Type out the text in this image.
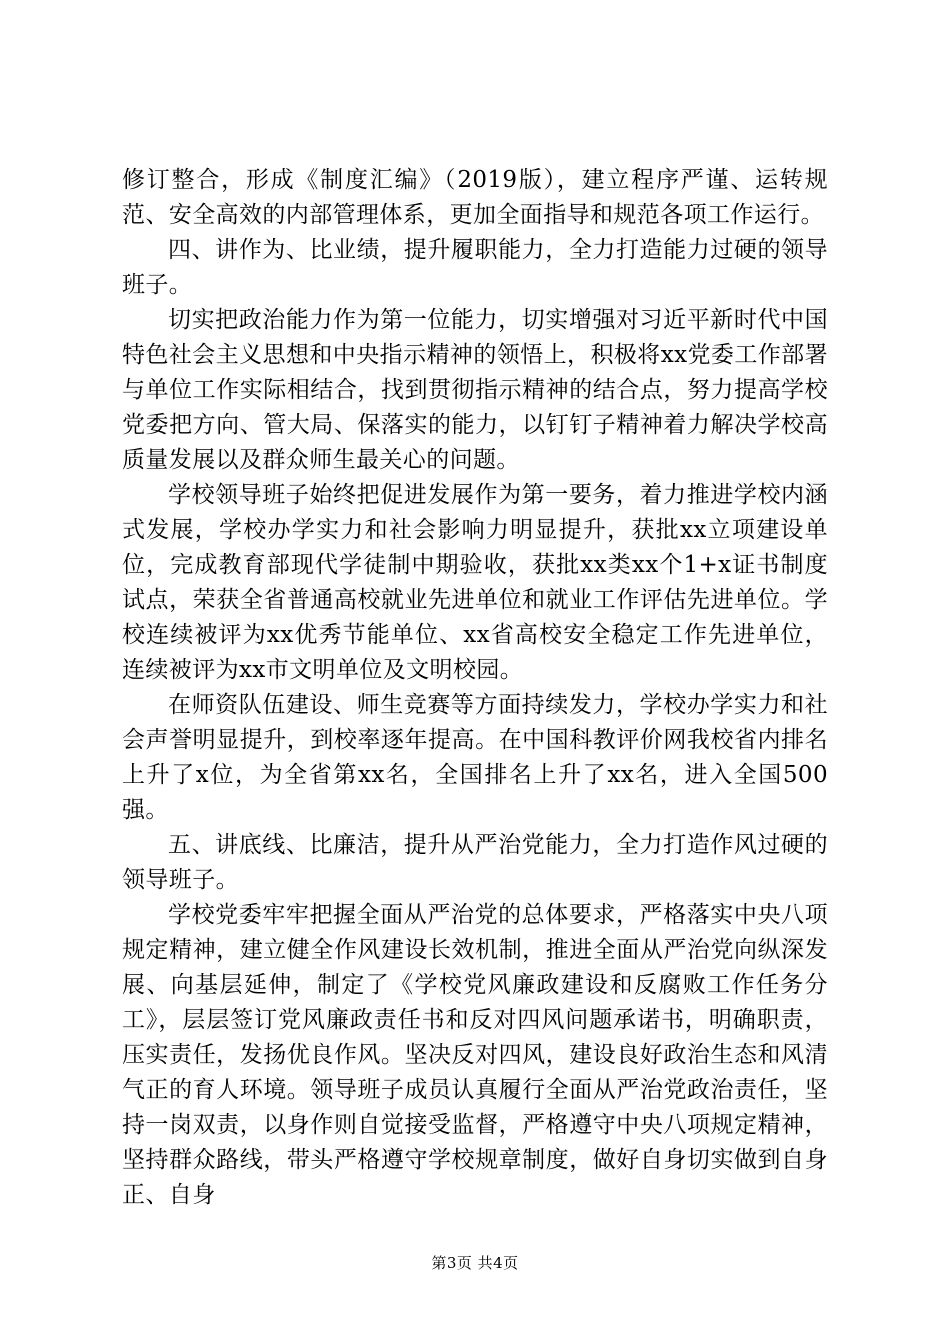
修订整合，形成《制度汇编》（2019版），建立程序严谨、运转规范、安全高效的内部管理体系，更加全面指导和规范各项工作运行。

四、讲作为、比业绩，提升履职能力，全力打造能力过硬的领导班子。

切实把政治能力作为第一位能力，切实增强对习近平新时代中国特色社会主义思想和中央指示精神的领悟上，积极将xx党委工作部署与单位工作实际相结合，找到贯彻指示精神的结合点，努力提高学校党委把方向、管大局、保落实的能力，以钉钉子精神着力解决学校高质量发展以及群众师生最关心的问题。

学校领导班子始终把促进发展作为第一要务，着力推进学校内涵式发展，学校办学实力和社会影响力明显提升，获批xx立项建设单位，完成教育部现代学徒制中期验收，获批xx类xx个1+x证书制度试点，荣获全省普通高校就业先进单位和就业工作评估先进单位。学校连续被评为xx优秀节能单位、xx省高校安全稳定工作先进单位，连续被评为xx市文明单位及文明校园。

在师资队伍建设、师生竞赛等方面持续发力，学校办学实力和社会声誉明显提升，到校率逐年提高。在中国科教评价网我校省内排名上升了x位，为全省第xx名，全国排名上升了xx名，进入全国500强。

五、讲底线、比廉洁，提升从严治党能力，全力打造作风过硬的领导班子。

学校党委牢牢把握全面从严治党的总体要求，严格落实中央八项规定精神，建立健全作风建设长效机制，推进全面从严治党向纵深发展、向基层延伸，制定了《学校党风廉政建设和反腐败工作任务分工》，层层签订党风廉政责任书和反对四风问题承诺书，明确职责，压实责任，发扬优良作风。坚决反对四风，建设良好政治生态和风清气正的育人环境。领导班子成员认真履行全面从严治党政治责任，坚持一岗双责，以身作则自觉接受监督，严格遵守中央八项规定精神，坚持群众路线，带头严格遵守学校规章制度，做好自身切实做到自身正、自身

第3页 共4页
